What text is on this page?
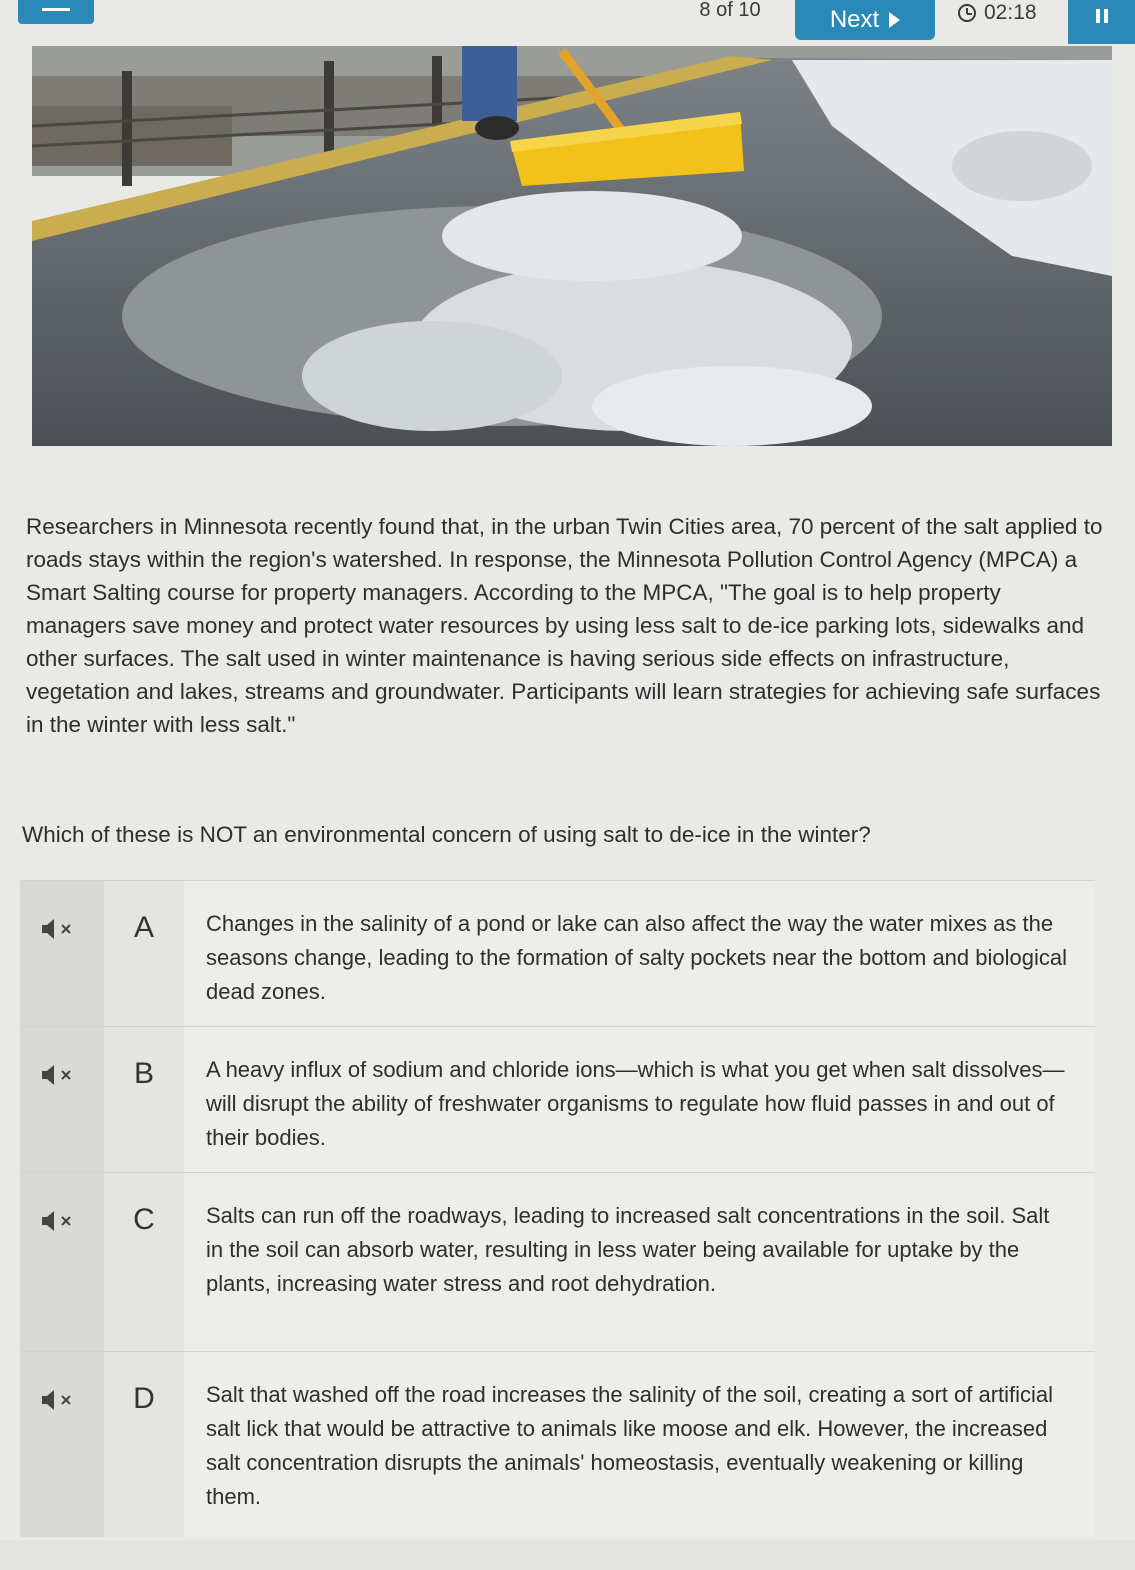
8 of 10	Next	02:18
Researchers in Minnesota recently found that, in the urban Twin Cities area, 70 percent of the salt applied to roads stays within the region's watershed. In response, the Minnesota Pollution Control Agency (MPCA) a Smart Salting course for property managers. According to the MPCA, "The goal is to help property managers save money and protect water resources by using less salt to de-ice parking lots, sidewalks and other surfaces. The salt used in winter maintenance is having serious side effects on infrastructure, vegetation and lakes, streams and groundwater. Participants will learn strategies for achieving safe surfaces in the winter with less salt."
Which of these is NOT an environmental concern of using salt to de-ice in the winter?
A	Changes in the salinity of a pond or lake can also affect the way the water mixes as the seasons change, leading to the formation of salty pockets near the bottom and biological dead zones.
B	A heavy influx of sodium and chloride ions—which is what you get when salt dissolves—will disrupt the ability of freshwater organisms to regulate how fluid passes in and out of their bodies.
C	Salts can run off the roadways, leading to increased salt concentrations in the soil. Salt in the soil can absorb water, resulting in less water being available for uptake by the plants, increasing water stress and root dehydration.
D	Salt that washed off the road increases the salinity of the soil, creating a sort of artificial salt lick that would be attractive to animals like moose and elk. However, the increased salt concentration disrupts the animals' homeostasis, eventually weakening or killing them.
